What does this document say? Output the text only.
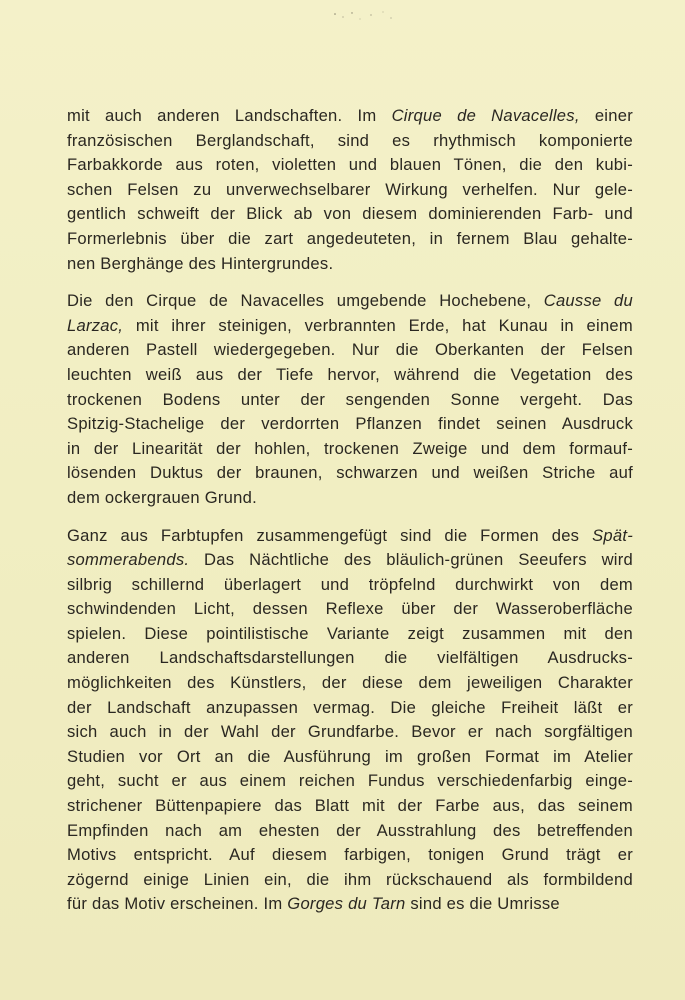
mit auch anderen Landschaften. Im Cirque de Navacelles, einer
französischen Berglandschaft, sind es rhythmisch komponierte
Farbakkorde aus roten, violetten und blauen Tönen, die den kubi-
schen Felsen zu unverwechselbarer Wirkung verhelfen. Nur gele-
gentlich schweift der Blick ab von diesem dominierenden Farb- und
Formerlebnis über die zart angedeuteten, in fernem Blau gehalte-
nen Berghänge des Hintergrundes.
Die den Cirque de Navacelles umgebende Hochebene, Causse du
Larzac, mit ihrer steinigen, verbrannten Erde, hat Kunau in einem
anderen Pastell wiedergegeben. Nur die Oberkanten der Felsen
leuchten weiß aus der Tiefe hervor, während die Vegetation des
trockenen Bodens unter der sengenden Sonne vergeht. Das
Spitzig-Stachelige der verdorrten Pflanzen findet seinen Ausdruck
in der Linearität der hohlen, trockenen Zweige und dem formauf-
lösenden Duktus der braunen, schwarzen und weißen Striche auf
dem ockergrauen Grund.
Ganz aus Farbtupfen zusammengefügt sind die Formen des Spät-
sommerabends. Das Nächtliche des bläulich-grünen Seeufers wird
silbrig schillernd überlagert und tröpfelnd durchwirkt von dem
schwindenden Licht, dessen Reflexe über der Wasseroberfläche
spielen. Diese pointilistische Variante zeigt zusammen mit den
anderen Landschaftsdarstellungen die vielfältigen Ausdrucks-
möglichkeiten des Künstlers, der diese dem jeweiligen Charakter
der Landschaft anzupassen vermag. Die gleiche Freiheit läßt er
sich auch in der Wahl der Grundfarbe. Bevor er nach sorgfältigen
Studien vor Ort an die Ausführung im großen Format im Atelier
geht, sucht er aus einem reichen Fundus verschiedenfarbig einge-
strichener Büttenpapiere das Blatt mit der Farbe aus, das seinem
Empfinden nach am ehesten der Ausstrahlung des betreffenden
Motivs entspricht. Auf diesem farbigen, tonigen Grund trägt er
zögernd einige Linien ein, die ihm rückschauend als formbildend
für das Motiv erscheinen. Im Gorges du Tarn sind es die Umrisse
